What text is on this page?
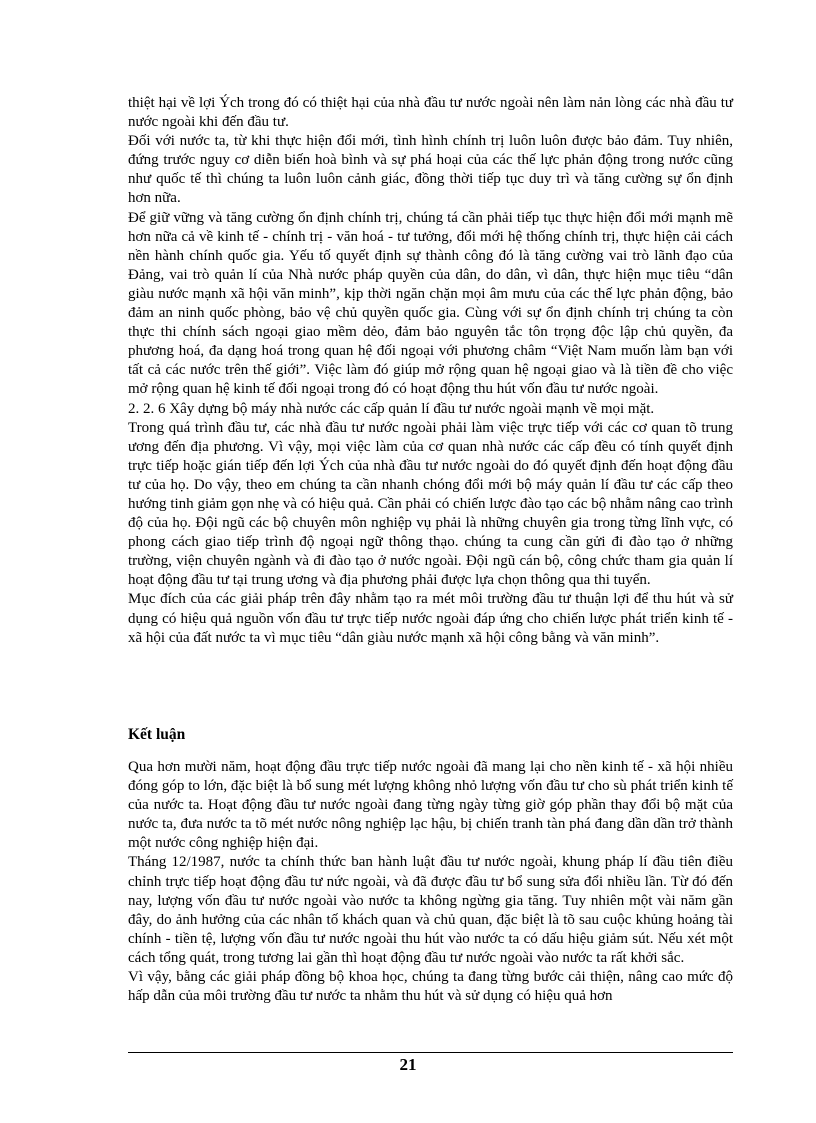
thiệt hại về lợi Ých trong đó có thiệt hại của nhà đầu tư nước ngoài nên làm nản lòng các nhà đầu tư nước ngoài khi đến đầu tư.

Đối với nước ta, từ khi thực hiện đổi mới, tình hình chính trị luôn luôn được bảo đảm. Tuy nhiên, đứng trước nguy cơ diễn biến hoà bình và sự phá hoại của các thế lực phản động trong nước cũng như quốc tế thì chúng ta luôn luôn cảnh giác, đồng thời tiếp tục duy trì và tăng cường sự ổn định hơn nữa.

Để giữ vững và tăng cường ổn định chính trị, chúng tá cần phải tiếp tục thực hiện đổi mới mạnh mẽ hơn nữa cả về kinh tế - chính trị - văn hoá - tư tưởng, đổi mới hệ thống chính trị, thực hiện cải cách nền hành chính quốc gia. Yếu tố quyết định sự thành công đó là tăng cường vai trò lãnh đạo của Đảng, vai trò quản lí của Nhà nước pháp quyền của dân, do dân, vì dân, thực hiện mục tiêu “dân giàu nước mạnh xã hội văn minh”, kịp thời ngăn chặn mọi âm mưu của các thế lực phản động, bảo đảm an ninh quốc phòng, bảo vệ chủ quyền quốc gia. Cùng với sự ổn định chính trị chúng ta còn thực thi chính sách ngoại giao mềm dẻo, đảm bảo nguyên tắc tôn trọng độc lập chủ quyền, đa phương hoá, đa dạng hoá trong quan hệ đối ngoại với phương châm “Việt Nam muốn làm bạn với tất cả các nước trên thế giới”. Việc làm đó giúp mở rộng quan hệ ngoại giao và là tiền đề cho việc mở rộng quan hệ kinh tế đối ngoại trong đó có hoạt động thu hút vốn đầu tư nước ngoài.

2. 2. 6 Xây dựng bộ máy nhà nước các cấp quản lí đầu tư nước ngoài mạnh về mọi mặt.

Trong quá trình đầu tư, các nhà đầu tư nước ngoài phải làm việc trực tiếp với các cơ quan tõ trung ương đến địa phương. Vì vậy, mọi việc làm của cơ quan nhà nước các cấp đều có tính quyết định trực tiếp hoặc gián tiếp đến lợi Ých của nhà đầu tư nước ngoài do đó quyết định đến hoạt động đầu tư của họ. Do vậy, theo em chúng ta cần nhanh chóng đổi mới bộ máy quản lí đầu tư các cấp theo hướng tinh giảm gọn nhẹ và có hiệu quả. Cần phải có chiến lược đào tạo các bộ nhằm nâng cao trình độ của họ. Đội ngũ các bộ chuyên môn nghiệp vụ phải là những chuyên gia trong từng lĩnh vực, có phong cách giao tiếp trình độ ngoại ngữ thông thạo. chúng ta cung cần gửi đi đào tạo ở những trường, viện chuyên ngành và đi đào tạo ở nước ngoài. Đội ngũ cán bộ, công chức tham gia quản lí hoạt động đầu tư tại trung ương và địa phương phải được lựa chọn thông qua thi tuyển.

Mục đích của các giải pháp trên đây nhằm tạo ra mét môi trường đầu tư thuận lợi để thu hút và sử dụng có hiệu quả nguồn vốn đầu tư trực tiếp nước ngoài đáp ứng cho chiến lược phát triển kinh tế - xã hội của đất nước ta vì mục tiêu “dân giàu nước mạnh xã hội công bằng và văn minh”.

Kết luận

Qua hơn mười năm, hoạt động đầu trực tiếp nước ngoài đã mang lại cho nền kinh tế - xã hội nhiều đóng góp to lớn, đặc biệt là bổ sung mét lượng không nhỏ lượng vốn đầu tư cho sù phát triển kinh tế của nước ta. Hoạt động đầu tư nước ngoài đang từng ngày từng giờ góp phần thay đổi bộ mặt của nước ta, đưa nước ta tõ mét nước nông nghiệp lạc hậu, bị chiến tranh tàn phá đang dần dần trở thành một nước công nghiệp hiện đại.

Tháng 12/1987, nước ta chính thức ban hành luật đầu tư nước ngoài, khung pháp lí đầu tiên điều chỉnh trực tiếp hoạt động đầu tư nức ngoài, và đã được đầu tư bổ sung sửa đổi nhiều lần. Từ đó đến nay, lượng vốn đầu tư nước ngoài vào nước ta không ngừng gia tăng. Tuy nhiên một vài năm gần đây, do ảnh hưởng của các nhân tố khách quan và chủ quan, đặc biệt là tõ sau cuộc khủng hoảng tài chính - tiền tệ, lượng vốn đầu tư nước ngoài thu hút vào nước ta có dấu hiệu giảm sút. Nếu xét một cách tổng quát, trong tương lai gần thì hoạt động đầu tư nước ngoài vào nước ta rất khởi sắc.

Vì vậy, bằng các giải pháp đồng bộ khoa học, chúng ta đang từng bước cải thiện, nâng cao mức độ hấp dẫn của môi trường đầu tư nước ta nhằm thu hút và sử dụng có hiệu quả hơn

21
